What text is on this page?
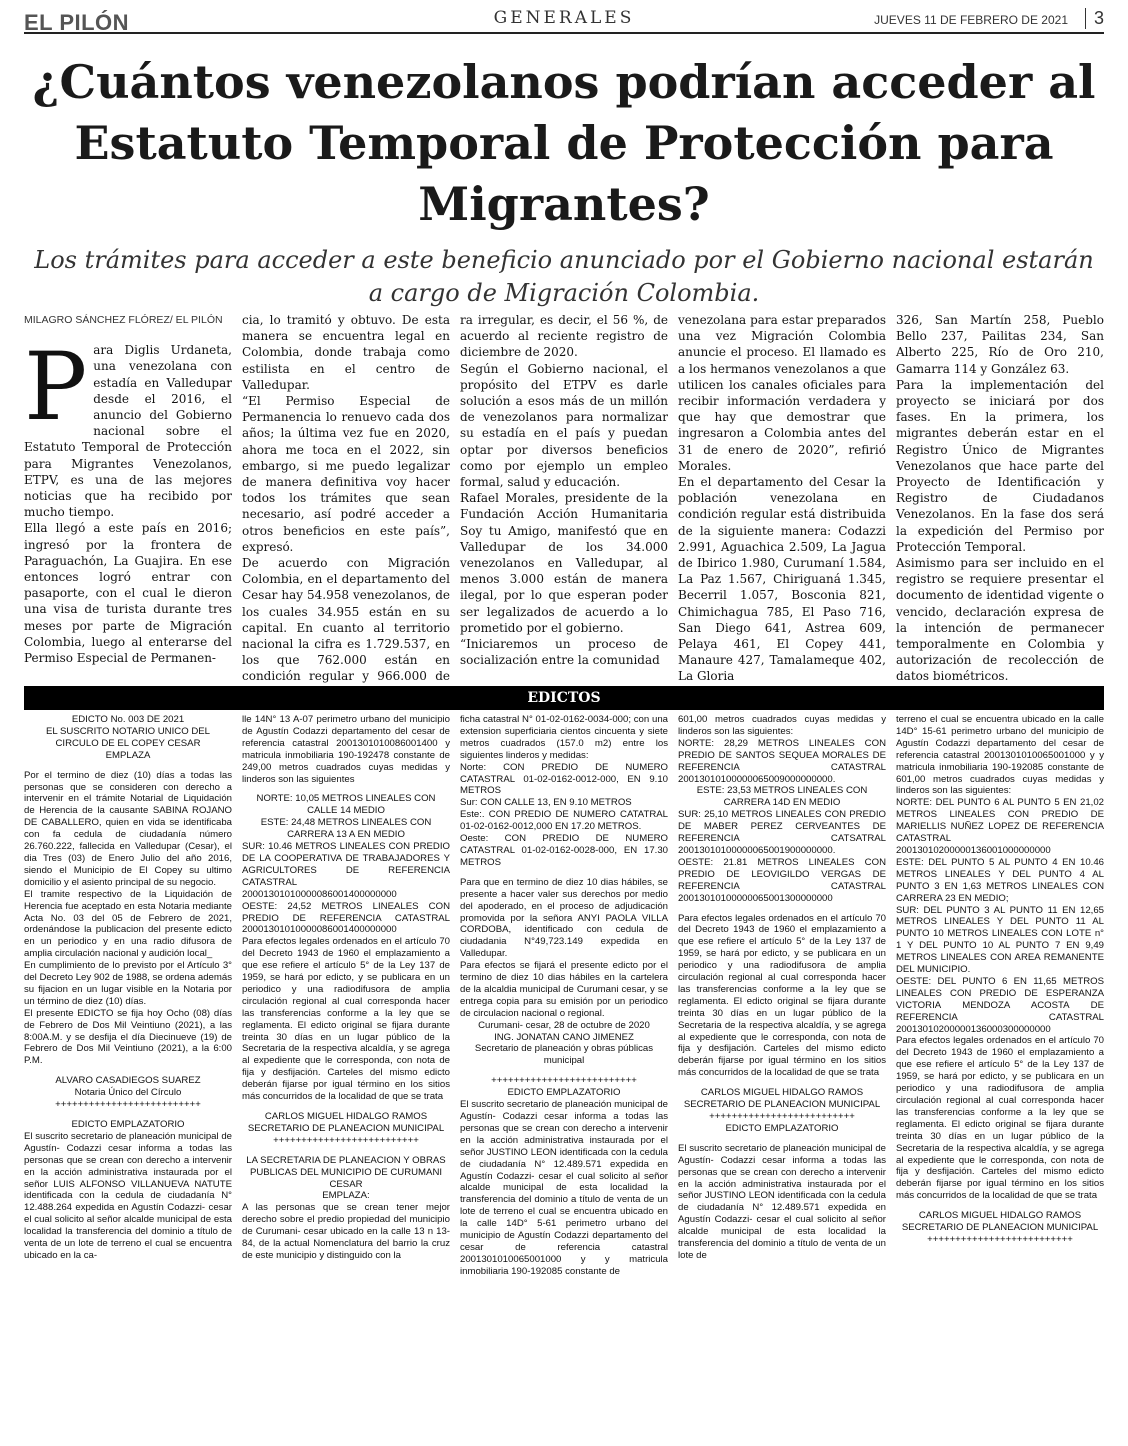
EL PILÓN	GENERALES	JUEVES 11 DE FEBRERO DE 2021	3
¿Cuántos venezolanos podrían acceder al Estatuto Temporal de Protección para Migrantes?
Los trámites para acceder a este beneficio anunciado por el Gobierno nacional estarán a cargo de Migración Colombia.
MILAGRO SÁNCHEZ FLÓREZ/ EL PILÓN
P ara Diglis Urdaneta, una venezolana con estadía en Valledupar desde el 2016, el anuncio del Gobierno nacional sobre el Estatuto Temporal de Protección para Migrantes Venezolanos, ETPV, es una de las mejores noticias que ha recibido por mucho tiempo.

Ella llegó a este país en 2016; ingresó por la frontera de Paraguachón, La Guajira. En ese entonces logró entrar con pasaporte, con el cual le dieron una visa de turista durante tres meses por parte de Migración Colombia, luego al enterarse del Permiso Especial de Permanen-

cia, lo tramitó y obtuvo. De esta manera se encuentra legal en Colombia, donde trabaja como estilista en el centro de Valledupar.

“El Permiso Especial de Permanencia lo renuevo cada dos años; la última vez fue en 2020, ahora me toca en el 2022, sin embargo, si me puedo legalizar de manera definitiva voy hacer todos los trámites que sean necesario, así podré acceder a otros beneficios en este país”, expresó.

De acuerdo con Migración Colombia, en el departamento del Cesar hay 54.958 venezolanos, de los cuales 34.955 están en su capital. En cuanto al territorio nacional la cifra es 1.729.537, en los que 762.000 están en condición regular y 966.000 de

ra irregular, es decir, el 56 %, de acuerdo al reciente registro de diciembre de 2020.

Según el Gobierno nacional, el propósito del ETPV es darle solución a esos más de un millón de venezolanos para normalizar su estadía en el país y puedan optar por diversos beneficios como por ejemplo un empleo formal, salud y educación.

Rafael Morales, presidente de la Fundación Acción Humanitaria Soy tu Amigo, manifestó que en Valledupar de los 34.000 venezolanos en Valledupar, al menos 3.000 están de manera ilegal, por lo que esperan poder ser legalizados de acuerdo a lo prometido por el gobierno.

“Iniciaremos un proceso de socialización entre la comunidad

venezolana para estar preparados una vez Migración Colombia anuncie el proceso. El llamado es a los hermanos venezolanos a que utilicen los canales oficiales para recibir información verdadera y que hay que demostrar que ingresaron a Colombia antes del 31 de enero de 2020”, refirió Morales.

En el departamento del Cesar la población venezolana en condición regular está distribuida de la siguiente manera: Codazzi 2.991, Aguachica 2.509, La Jagua de Ibirico 1.980, Curumaní 1.584, La Paz 1.567, Chiriguaná 1.345, Becerril 1.057, Bosconia 821, Chimichagua 785, El Paso 716, San Diego 641, Astrea 609, Pelaya 461, El Copey 441, Manaure 427, Tamalameque 402, La Gloria

326, San Martín 258, Pueblo Bello 237, Pailitas 234, San Alberto 225, Río de Oro 210, Gamarra 114 y González 63.

Para la implementación del proyecto se iniciará por dos fases. En la primera, los migrantes deberán estar en el Registro Único de Migrantes Venezolanos que hace parte del Proyecto de Identificación y Registro de Ciudadanos Venezolanos. En la fase dos será la expedición del Permiso por Protección Temporal.

Asimismo para ser incluido en el registro se requiere presentar el documento de identidad vigente o vencido, declaración expresa de la intención de permanecer temporalmente en Colombia y autorización de recolección de datos biométricos.

EDICTOS

EDICTO No. 003 DE 2021

EL SUSCRITO NOTARIO UNICO DEL CIRCULO DE EL COPEY CESAR

EMPLAZA

Por el termino de diez (10) días a todas las personas que se consideren con derecho a intervenir en el trámite Notarial de Liquidación de Herencia de la causante SABINA ROJANO DE CABALLERO, quien en vida se identificaba con fa cedula de ciudadanía número 26.760.222, fallecida en Valledupar (Cesar), el dia Tres (03) de Enero Julio del año 2016, siendo el Municipio de El Copey su ultimo domicilio y el asiento principal de su negocio.

El tramite respectivo de la Liquidación de Herencia fue aceptado en esta Notaria mediante Acta No. 03 del 05 de Febrero de 2021, ordenándose la publicacion del presente edicto en un periodico y en una radio difusora de amplia circulación nacional y audición local_

En cumplimiento de lo previsto por el Artículo 3° del Decreto Ley 902 de 1988, se ordena además su fijacion en un lugar visible en la Notaria por un término de diez (10) días.

El presente EDICTO se fija hoy Ocho (08) días de Febrero de Dos Mil Veintiuno (2021), a las 8:00A.M. y se desfija el día Diecinueve (19) de Febrero de Dos Mil Veintiuno (2021), a la 6:00 P.M.

ALVARO CASADIEGOS SUAREZ

Notaria Único del Círculo

++++++++++++++++++++++++++

EDICTO EMPLAZATORIO

El suscrito secretario de planeación municipal de Agustín- Codazzi cesar informa a todas las personas que se crean con derecho a intervenir en la acción administrativa instaurada por el señor LUIS ALFONSO VILLANUEVA NATUTE identificada con la cedula de ciudadanía N° 12.488.264 expedida en Agustín Codazzi- cesar el cual solicito al señor alcalde municipal de esta localidad la transferencia del dominio a título de venta de un lote de terreno el cual se encuentra ubicado en la ca-

lle 14N° 13 A-07 perimetro urbano del municipio de Agustín Codazzi departamento del cesar de referencia catastral 2001301010086001400 y matricula inmobiliaria 190-192478 constante de 249,00 metros cuadrados cuyas medidas y linderos son las siguientes

NORTE: 10,05 METROS LINEALES CON CALLE 14 MEDIO

ESTE: 24,48 METROS LINEALES CON CARRERA 13 A EN MEDIO

SUR: 10.46 METROS LINEALES CON PREDIO DE LA COOPERATIVA DE TRABAJADORES Y AGRICULTORES DE REFERENCIA CATASTRAL 20001301010000086001400000000

OESTE: 24,52 METROS LINEALES CON PREDIO DE REFERENCIA CATASTRAL 20001301010000086001400000000

Para efectos legales ordenados en el artículo 70 del Decreto 1943 de 1960 el emplazamiento a que ese refiere el artículo 5° de la Ley 137 de 1959, se hará por edicto, y se publicara en un periodico y una radiodifusora de amplia circulación regional al cual corresponda hacer las transferencias conforme a la ley que se reglamenta. El edicto original se fijara durante treinta 30 días en un lugar público de la Secretaria de la respectiva alcaldía, y se agrega al expediente que le corresponda, con nota de fija y desfijación. Carteles del mismo edicto deberán fijarse por igual término en los sitios más concurridos de la localidad de que se trata

CARLOS MIGUEL HIDALGO RAMOS

SECRETARIO DE PLANEACION MUNICIPAL

++++++++++++++++++++++++++

LA SECRETARIA DE PLANEACION Y OBRAS PUBLICAS DEL MUNICIPIO DE CURUMANI CESAR

EMPLAZA:

A las personas que se crean tener mejor derecho sobre el predio propiedad del municipio de Curumani- cesar ubicado en la calle 13 n 13-84, de la actual Nomenclatura del barrio la cruz de este municipio y distinguido con la

ficha catastral N° 01-02-0162-0034-000; con una extension superficiaria cientos cincuenta y siete metros cuadrados (157.0 m2) entre los siguientes linderos y medidas:

Norte: CON PREDIO DE NUMERO CATASTRAL 01-02-0162-0012-000, EN 9.10 METROS

Sur: CON CALLE 13, EN 9.10 METROS

Este:. CON PREDIO DE NUMERO CATATRAL 01-02-0162-0012,000 EN 17.20 METROS.

Oeste: CON PREDIO DE NUMERO CATASTRAL 01-02-0162-0028-000, EN 17.30 METROS

Para que en termino de diez 10 dias hábiles, se presente a hacer valer sus derechos por medio del apoderado, en el proceso de adjudicación promovida por la señora ANYI PAOLA VILLA CORDOBA, identificado con cedula de ciudadania N°49,723.149 expedida en Valledupar.

Para efectos se fijará el presente edicto por el termino de diez 10 dias hábiles en la cartelera de la alcaldia municipal de Curumani cesar, y se entrega copia para su emisión por un periodico de circulacion nacional o regional.

Curumani- cesar, 28 de octubre de 2020

ING. JONATAN CANO JIMENEZ

Secretario de planeación y obras públicas municipal

++++++++++++++++++++++++++

EDICTO EMPLAZATORIO

El suscrito secretario de planeación municipal de Agustín- Codazzi cesar informa a todas las personas que se crean con derecho a intervenir en la acción administrativa instaurada por el señor JUSTINO LEON identificada con la cedula de ciudadanía N° 12.489.571 expedida en Agustín Codazzi- cesar el cual solicito al señor alcalde municipal de esta localidad la transferencia del dominio a título de venta de un lote de terreno el cual se encuentra ubicado en la calle 14D° 5-61 perimetro urbano del municipio de Agustín Codazzi departamento del cesar de referencia catastral 2001301010065001000 y y matricula inmobiliaria 190-192085 constante de

601,00 metros cuadrados cuyas medidas y linderos son las siguientes:

NORTE: 28,29 METROS LINEALES CON PREDIO DE SANTOS SEQUEA MORALES DE REFERENCIA CATASTRAL 20013010100000065009000000000.

ESTE: 23,53 METROS LINEALES CON CARRERA 14D EN MEDIO

SUR: 25,10 METROS LINEALES CON PREDIO DE MABER PEREZ CERVEANTES DE REFERENCIA CATSATRAL 20013010100000065001900000000.

OESTE: 21.81 METROS LINEALES CON PREDIO DE LEOVIGILDO VERGAS DE REFERENCIA CATASTRAL 20013010100000065001300000000

Para efectos legales ordenados en el artículo 70 del Decreto 1943 de 1960 el emplazamiento a que ese refiere el artículo 5° de la Ley 137 de 1959, se hará por edicto, y se publicara en un periodico y una radiodifusora de amplia circulación regional al cual corresponda hacer las transferencias conforme a la ley que se reglamenta. El edicto original se fijara durante treinta 30 días en un lugar público de la Secretaria de la respectiva alcaldía, y se agrega al expediente que le corresponda, con nota de fija y desfijación. Carteles del mismo edicto deberán fijarse por igual término en los sitios más concurridos de la localidad de que se trata

CARLOS MIGUEL HIDALGO RAMOS

SECRETARIO DE PLANEACION MUNICIPAL

++++++++++++++++++++++++++

EDICTO EMPLAZATORIO

El suscrito secretario de planeación municipal de Agustín- Codazzi cesar informa a todas las personas que se crean con derecho a intervenir en la acción administrativa instaurada por el señor JUSTINO LEON identificada con la cedula de ciudadanía N° 12.489.571 expedida en Agustín Codazzi- cesar el cual solicito al señor alcalde municipal de esta localidad la transferencia del dominio a título de venta de un lote de

terreno el cual se encuentra ubicado en la calle 14D° 15-61 perimetro urbano del municipio de Agustín Codazzi departamento del cesar de referencia catastral 2001301010065001000 y y matricula inmobiliaria 190-192085 constante de 601,00 metros cuadrados cuyas medidas y linderos son las siguientes:

NORTE: DEL PUNTO 6 AL PUNTO 5 EN 21,02 METROS LINEALES CON PREDIO DE MARIELLIS NUÑEZ LOPEZ DE REFERENCIA CATASTRAL 20013010200000136001000000000

ESTE: DEL PUNTO 5 AL PUNTO 4 EN 10.46 METROS LINEALES Y DEL PUNTO 4 AL PUNTO 3 EN 1,63 METROS LINEALES CON CARRERA 23 EN MEDIO;

SUR: DEL PUNTO 3 AL PUNTO 11 EN 12,65 METROS LINEALES Y DEL PUNTO 11 AL PUNTO 10 METROS LINEALES CON LOTE n° 1 Y DEL PUNTO 10 AL PUNTO 7 EN 9,49 METROS LINEALES CON AREA REMANENTE DEL MUNICIPIO.

OESTE: DEL PUNTO 6 EN 11,65 METROS LINEALES CON PREDIO DE ESPERANZA VICTORIA MENDOZA ACOSTA DE REFERENCIA CATASTRAL 20013010200000136000300000000

Para efectos legales ordenados en el artículo 70 del Decreto 1943 de 1960 el emplazamiento a que ese refiere el artículo 5° de la Ley 137 de 1959, se hará por edicto, y se publicara en un periodico y una radiodifusora de amplia circulación regional al cual corresponda hacer las transferencias conforme a la ley que se reglamenta. El edicto original se fijara durante treinta 30 días en un lugar público de la Secretaria de la respectiva alcaldía, y se agrega al expediente que le corresponda, con nota de fija y desfijación. Carteles del mismo edicto deberán fijarse por igual término en los sitios más concurridos de la localidad de que se trata

CARLOS MIGUEL HIDALGO RAMOS

SECRETARIO DE PLANEACION MUNICIPAL

++++++++++++++++++++++++++
